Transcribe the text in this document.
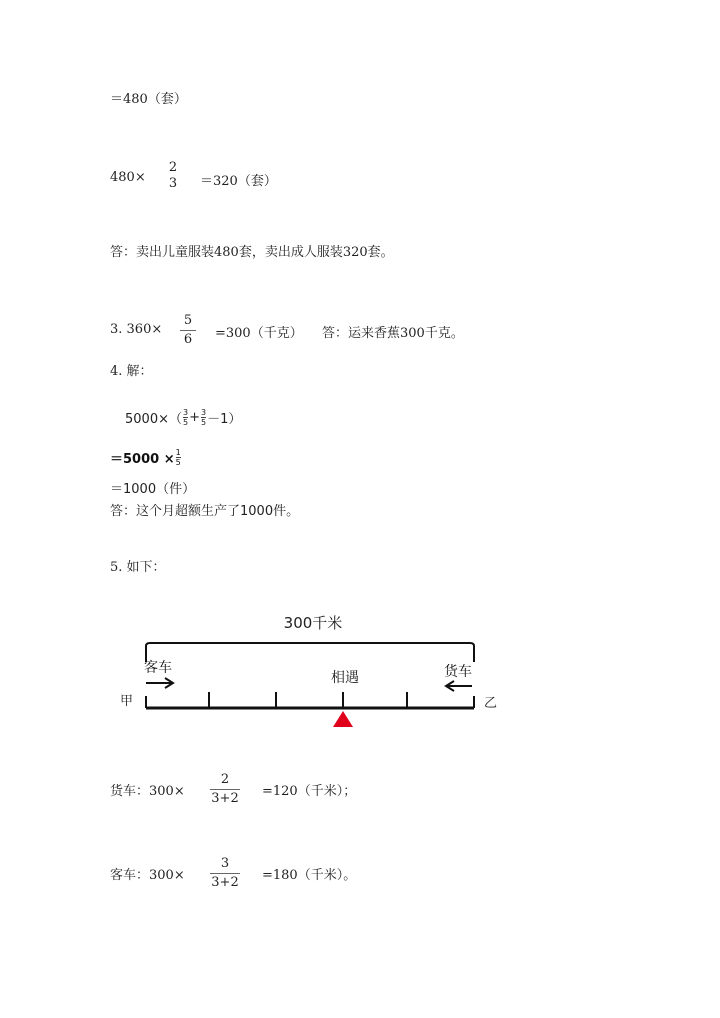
＝480（套）
480×
2
3 ＝320（套）
答：卖出儿童服装480套，卖出成人服装320套。
3. 360×
5
6 =300（千克） 答：运来香蕉300千克。
4. 解：
$5000\times( \frac{3}{5} + \frac{3}{5} -1)$
$=5000 \times \frac{1}{5}$
＝1000（件）
答：这个月超额生产了1000件。
5. 如下：
300千米
客车	货车
相遇
甲	乙
货车：300×
2
3+2 =120（千米）；
客车：300×
3
3+2 =180（千米）。
